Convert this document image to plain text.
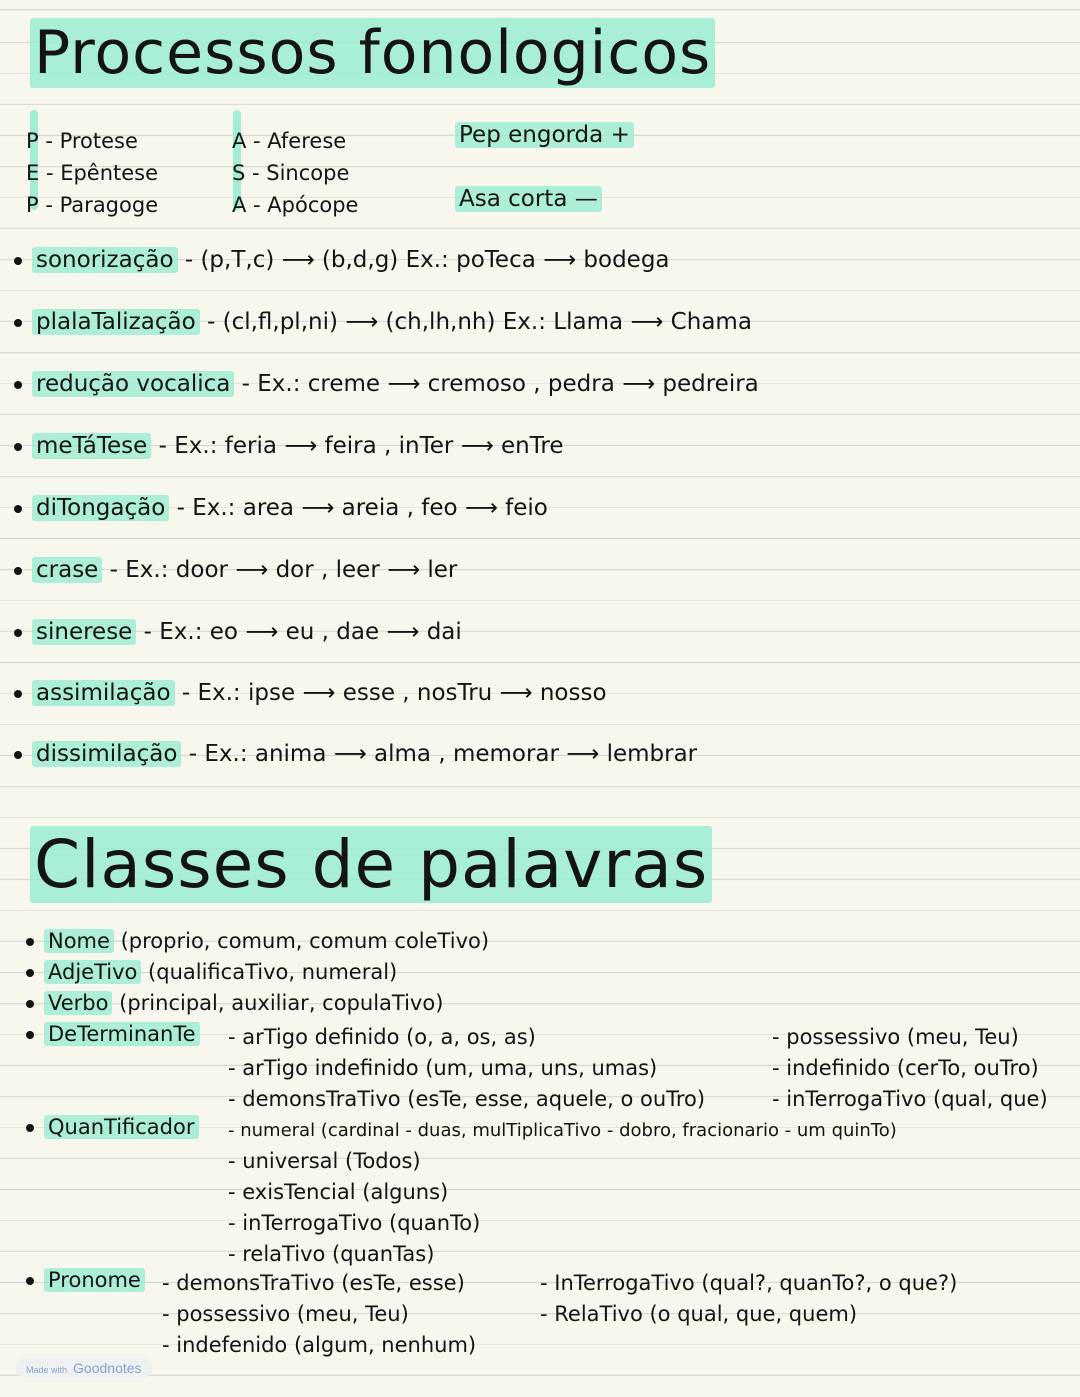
Processos fonologicos
P - Protese
E - Epêntese
P - Paragoge
A - Aferese
S - Sincope
A - Apócope
Pep engorda +
Asa corta —
sonorização - (p,T,c) ⟶ (b,d,g) Ex.: poTeca ⟶ bodega
plalaTalização - (cl,fl,pl,ni) ⟶ (ch,lh,nh) Ex.: Llama ⟶ Chama
redução vocalica - Ex.: creme ⟶ cremoso , pedra ⟶ pedreira
meTáTese - Ex.: feria ⟶ feira , inTer ⟶ enTre
diTongação - Ex.: area ⟶ areia , feo ⟶ feio
crase - Ex.: door ⟶ dor , leer ⟶ ler
sinerese - Ex.: eo ⟶ eu , dae ⟶ dai
assimilação - Ex.: ipse ⟶ esse , nosTru ⟶ nosso
dissimilação - Ex.: anima ⟶ alma , memorar ⟶ lembrar
Classes de palavras
Nome (proprio, comum, comum coleTivo)
AdjeTivo (qualificaTivo, numeral)
Verbo (principal, auxiliar, copulaTivo)
DeTerminanTe - arTigo definido (o, a, os, as)
- arTigo indefinido (um, uma, uns, umas)
- demonsTraTivo (esTe, esse, aquele, o ouTro)
- possessivo (meu, Teu)
- indefinido (cerTo, ouTro)
- inTerrogaTivo (qual, que)
QuanTificador - numeral (cardinal - duas, mulTiplicaTivo - dobro, fracionario - um quinTo)
- universal (Todos)
- exisTencial (alguns)
- inTerrogaTivo (quanTo)
- relaTivo (quanTas)
Pronome - demonsTraTivo (esTe, esse)
- possessivo (meu, Teu)
- indefenido (algum, nenhum)
- InTerrogaTivo (qual?, quanTo?, o que?)
- RelaTivo (o qual, que, quem)
Made with Goodnotes
